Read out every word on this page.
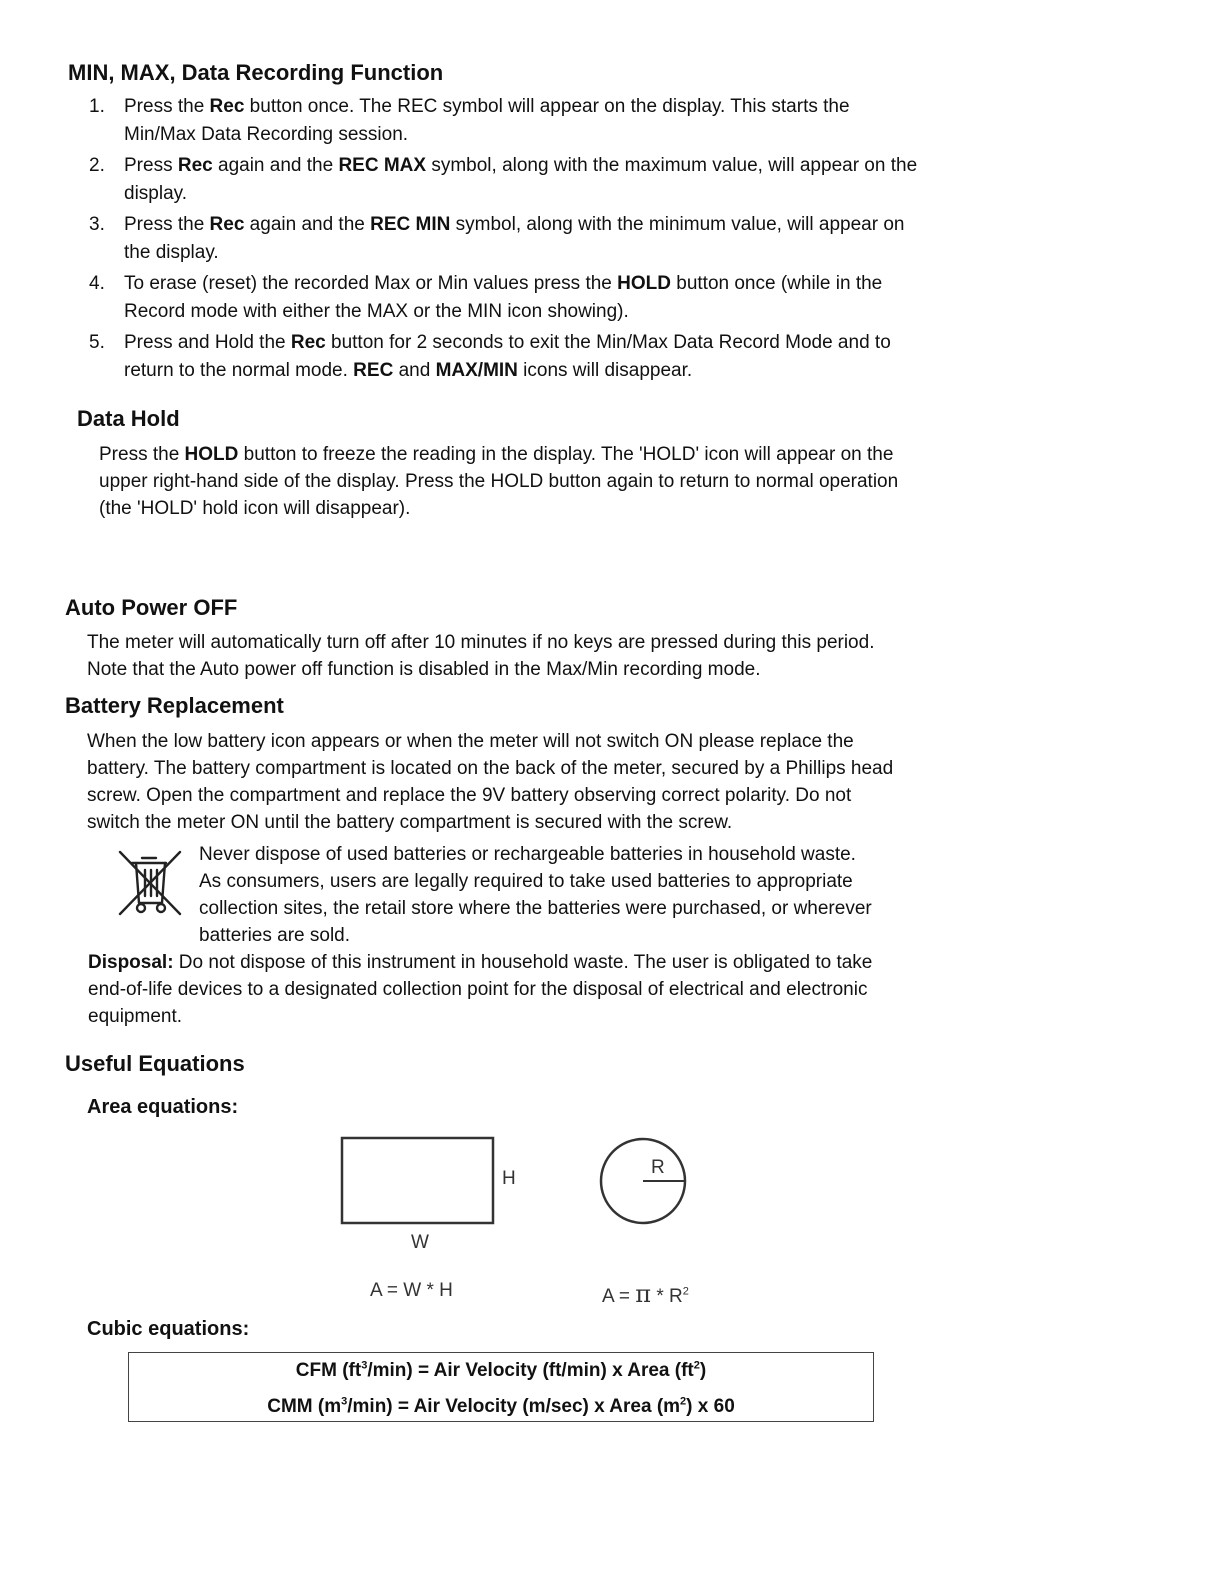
MIN, MAX, Data Recording Function
1. Press the Rec button once. The REC symbol will appear on the display. This starts the
Min/Max Data Recording session.
2. Press Rec again and the REC MAX symbol, along with the maximum value, will appear on the
display.
3. Press the Rec again and the REC MIN symbol, along with the minimum value, will appear on
the display.
4. To erase (reset) the recorded Max or Min values press the HOLD button once (while in the
Record mode with either the MAX or the MIN icon showing).
5. Press and Hold the Rec button for 2 seconds to exit the Min/Max Data Record Mode and to
return to the normal mode. REC and MAX/MIN icons will disappear.
Data Hold
Press the HOLD button to freeze the reading in the display. The 'HOLD' icon will appear on the
upper right-hand side of the display. Press the HOLD button again to return to normal operation
(the 'HOLD' hold icon will disappear).
Auto Power OFF
The meter will automatically turn off after 10 minutes if no keys are pressed during this period.
Note that the Auto power off function is disabled in the Max/Min recording mode.
Battery Replacement
When the low battery icon appears or when the meter will not switch ON please replace the
battery. The battery compartment is located on the back of the meter, secured by a Phillips head
screw. Open the compartment and replace the 9V battery observing correct polarity. Do not
switch the meter ON until the battery compartment is secured with the screw.
Never dispose of used batteries or rechargeable batteries in household waste.
As consumers, users are legally required to take used batteries to appropriate
collection sites, the retail store where the batteries were purchased, or wherever
batteries are sold.
Disposal: Do not dispose of this instrument in household waste. The user is obligated to take
end-of-life devices to a designated collection point for the disposal of electrical and electronic
equipment.
Useful Equations
Area equations:
H
W
R
A = W * H	$A = \pi * R^2$
Cubic equations:
CFM $(ft^3/\min)$ = Air Velocity (ft/min) x Area $(ft^2)$
CMM $(m^3/\min)$ = Air Velocity (m/sec) x Area $(m^2)$ x 60
